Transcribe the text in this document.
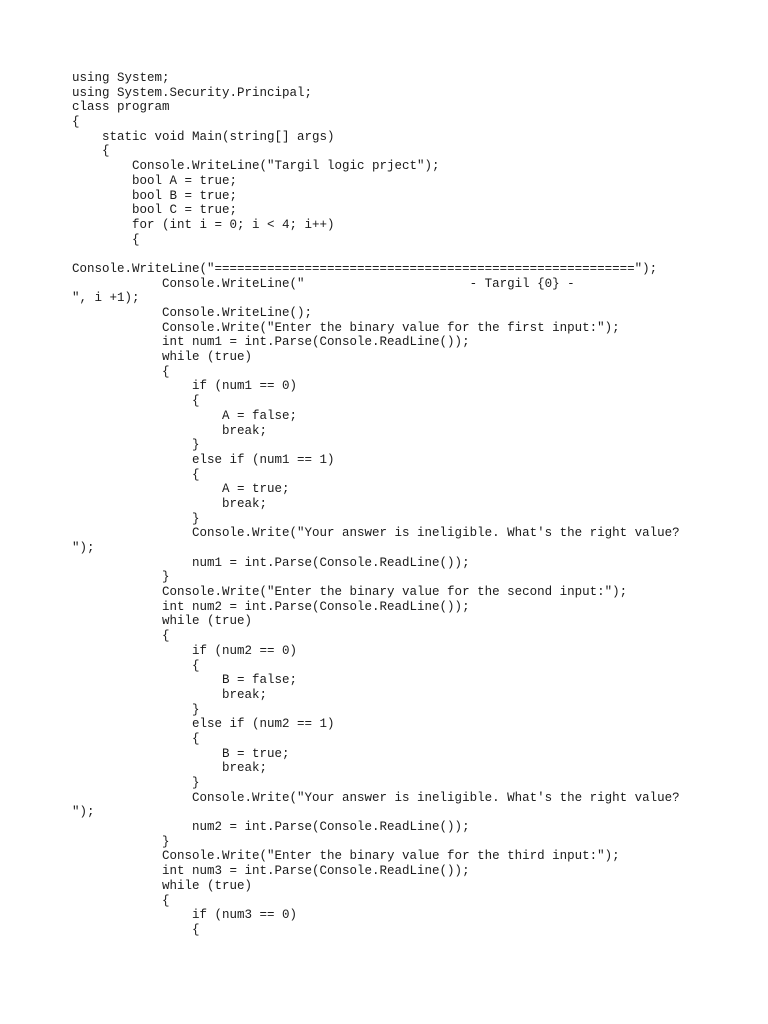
using System;
using System.Security.Principal;
class program
{
static void Main(string[] args)
{
Console.WriteLine("Targil logic prject");
bool A = true;
bool B = true;
bool C = true;
for (int i = 0; i < 4; i++)
{
Console.WriteLine("========================================================");
Console.WriteLine("                      - Targil {0} -
", i +1);
Console.WriteLine();
Console.Write("Enter the binary value for the first input:");
int num1 = int.Parse(Console.ReadLine());
while (true)
{
if (num1 == 0)
{
A = false;
break;
}
else if (num1 == 1)
{
A = true;
break;
}
Console.Write("Your answer is ineligible. What's the right value?
");
num1 = int.Parse(Console.ReadLine());
}
Console.Write("Enter the binary value for the second input:");
int num2 = int.Parse(Console.ReadLine());
while (true)
{
if (num2 == 0)
{
B = false;
break;
}
else if (num2 == 1)
{
B = true;
break;
}
Console.Write("Your answer is ineligible. What's the right value?
");
num2 = int.Parse(Console.ReadLine());
}
Console.Write("Enter the binary value for the third input:");
int num3 = int.Parse(Console.ReadLine());
while (true)
{
if (num3 == 0)
{
